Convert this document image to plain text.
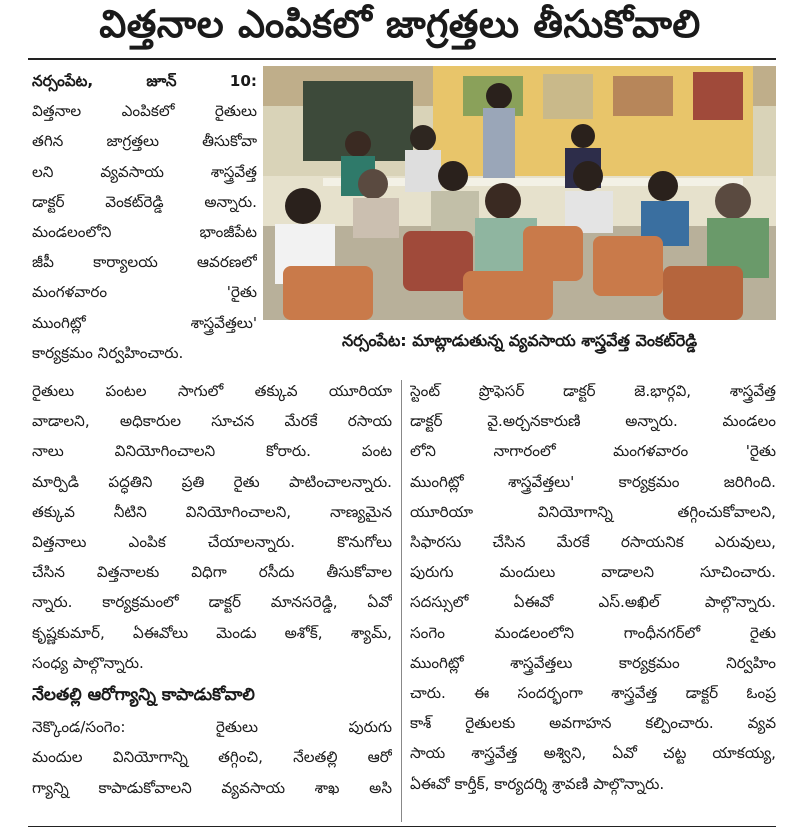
విత్తనాల ఎంపికలో జాగ్రత్తలు తీసుకోవాలి
నర్సంపేట, జూన్ 10:
విత్తనాల ఎంపికలో రైతులు
తగిన జాగ్రత్తలు తీసుకోవా
లని వ్యవసాయ శాస్త్రవేత్త
డాక్టర్ వెంకట్‌రెడ్డి అన్నారు.
మండలంలోని భాంజీపేట
జీపీ కార్యాలయ ఆవరణలో
మంగళవారం 'రైతు
ముంగిట్లో శాస్త్రవేత్తలు'
కార్యక్రమం నిర్వహించారు.
నర్సంపేట: మాట్లాడుతున్న వ్యవసాయ శాస్త్రవేత్త వెంకట్‌రెడ్డి
రైతులు పంటల సాగులో తక్కువ యూరియా
వాడాలని, అధికారుల సూచన మేరకే రసాయ
నాలు వినియోగించాలని కోరారు. పంట
మార్పిడి పద్ధతిని ప్రతి రైతు పాటించాలన్నారు.
తక్కువ నీటిని వినియోగించాలని, నాణ్యమైన
విత్తనాలు ఎంపిక చేయాలన్నారు. కొనుగోలు
చేసిన విత్తనాలకు విధిగా రసీదు తీసుకోవాల
న్నారు. కార్యక్రమంలో డాక్టర్ మానసరెడ్డి, ఏవో
కృష్ణకుమార్, ఏఈవోలు మెండు అశోక్, శ్యామ్,
సంధ్య పాల్గొన్నారు.
నేలతల్లి ఆరోగ్యాన్ని కాపాడుకోవాలి
నెక్కొండ/సంగెం: రైతులు పురుగు
మందుల వినియోగాన్ని తగ్గించి, నేలతల్లి ఆరో
గ్యాన్ని కాపాడుకోవాలని వ్యవసాయ శాఖ అసి
స్టెంట్ ప్రొఫెసర్ డాక్టర్ జె.భార్గవి, శాస్త్రవేత్త
డాక్టర్ వై.అర్చనకారుణి అన్నారు. మండలం
లోని నాగారంలో మంగళవారం 'రైతు
ముంగిట్లో శాస్త్రవేత్తలు' కార్యక్రమం జరిగింది.
యూరియా వినియోగాన్ని తగ్గించుకోవాలని,
సిఫారసు చేసిన మేరకే రసాయనిక ఎరువులు,
పురుగు మందులు వాడాలని సూచించారు.
సదస్సులో ఏఈవో ఎస్.అఖిల్ పాల్గొన్నారు.
సంగెం మండలంలోని గాంధీనగర్‌లో రైతు
ముంగిట్లో శాస్త్రవేత్తలు కార్యక్రమం నిర్వహిం
చారు. ఈ సందర్భంగా శాస్త్రవేత్త డాక్టర్ ఓంప్ర
కాశ్ రైతులకు అవగాహన కల్పించారు. వ్యవ
సాయ శాస్త్రవేత్త అశ్విని, ఏవో చట్ట యాకయ్య,
ఏఈవో కార్తీక్, కార్యదర్శి శ్రావణి పాల్గొన్నారు.
